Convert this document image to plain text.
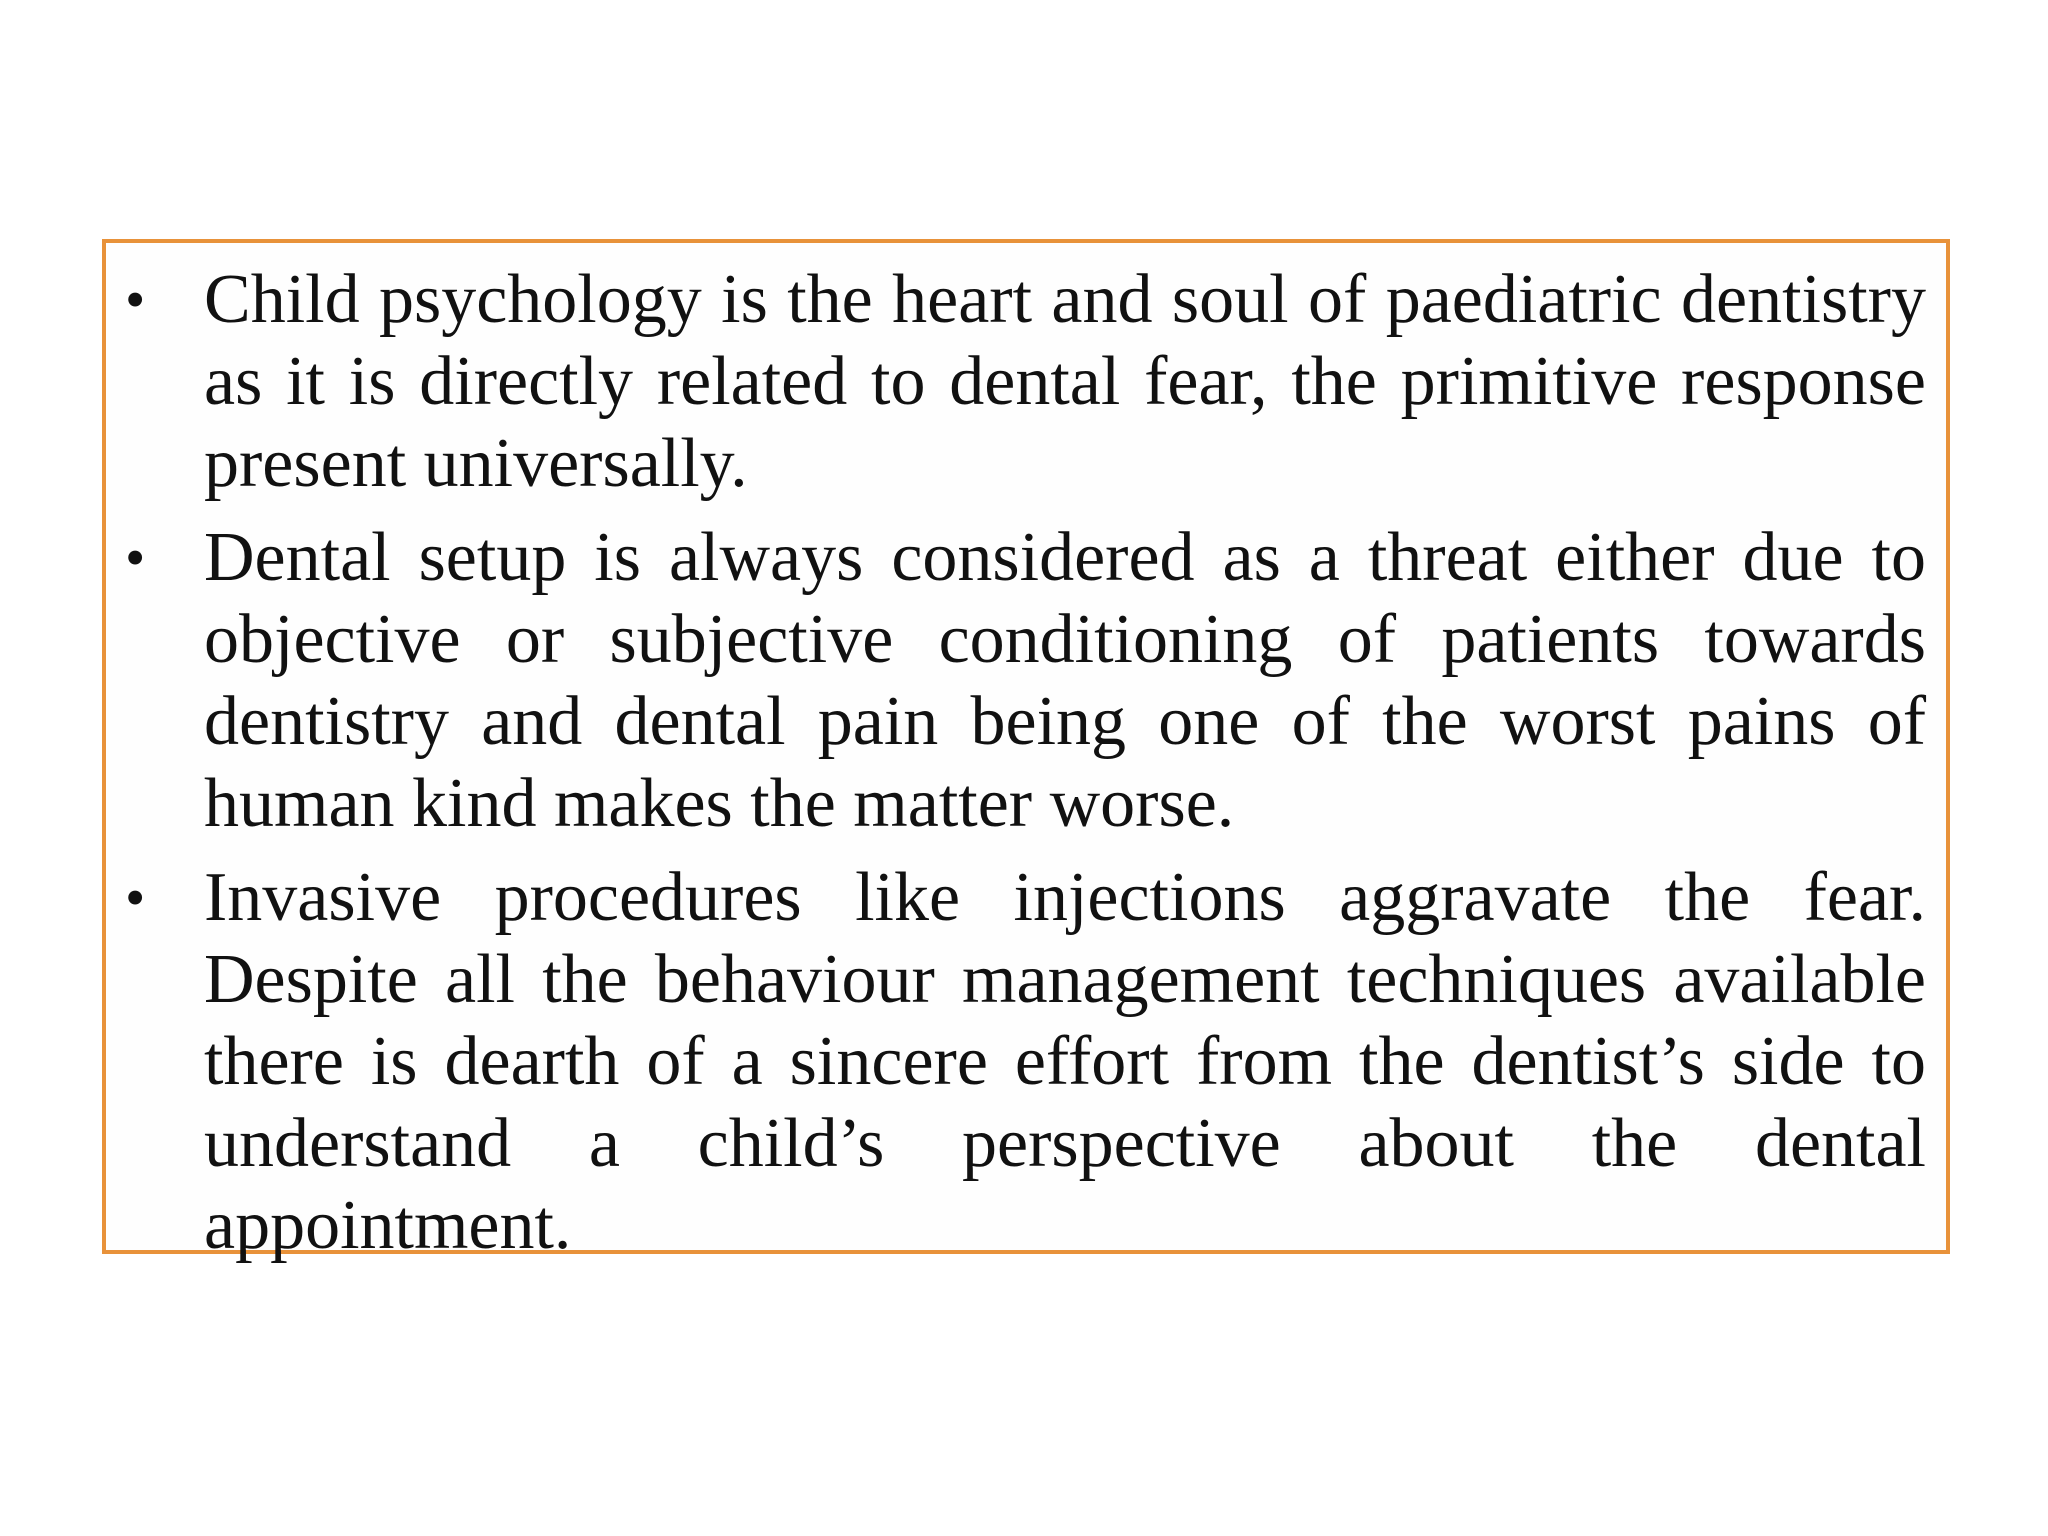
• Child psychology is the heart and soul of paediatric dentistry as it is directly related to dental fear, the primitive response present universally.
• Dental setup is always considered as a threat either due to objective or subjective conditioning of patients towards dentistry and dental pain being one of the worst pains of human kind makes the matter worse.
• Invasive procedures like injections aggravate the fear. Despite all the behaviour management techniques available there is dearth of a sincere effort from the dentist’s side to understand a child’s perspective about the dental appointment.
